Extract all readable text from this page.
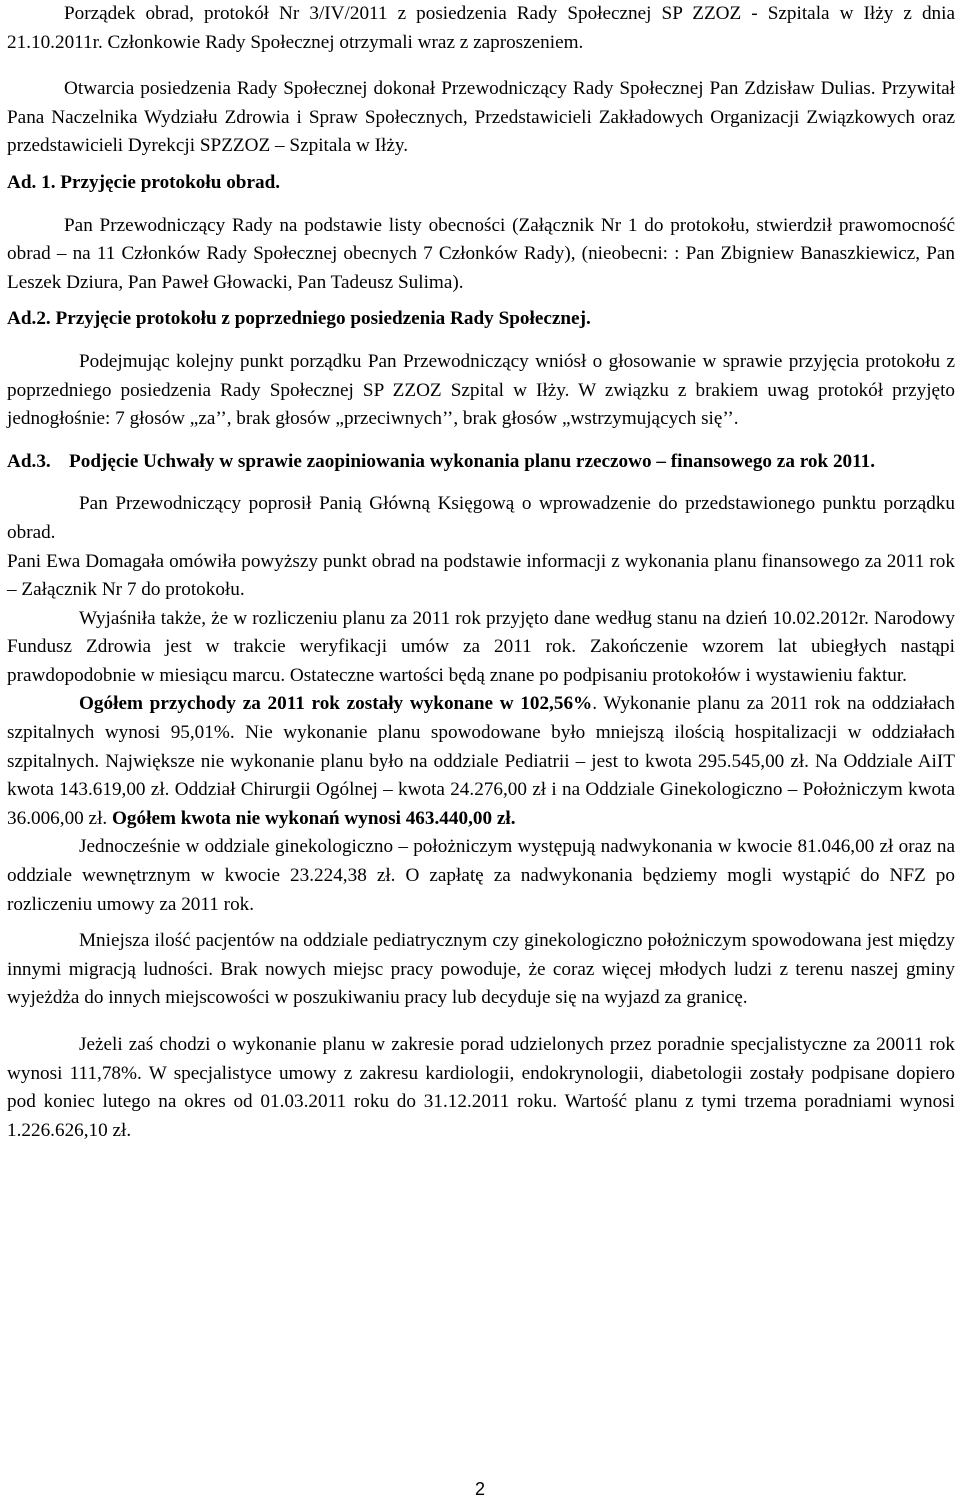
Porządek obrad, protokół Nr 3/IV/2011 z posiedzenia Rady Społecznej SP ZZOZ - Szpitala w Iłży z dnia 21.10.2011r. Członkowie Rady Społecznej otrzymali wraz z zaproszeniem.

Otwarcia posiedzenia Rady Społecznej dokonał Przewodniczący Rady Społecznej Pan Zdzisław Dulias. Przywitał Pana Naczelnika Wydziału Zdrowia i Spraw Społecznych, Przedstawicieli Zakładowych Organizacji Związkowych oraz przedstawicieli Dyrekcji SPZZOZ – Szpitala w Iłży.

Ad. 1. Przyjęcie protokołu obrad.

Pan Przewodniczący Rady na podstawie listy obecności (Załącznik Nr 1 do protokołu, stwierdził prawomocność obrad – na 11 Członków Rady Społecznej obecnych 7 Członków Rady), (nieobecni: : Pan Zbigniew Banaszkiewicz, Pan Leszek Dziura, Pan Paweł Głowacki, Pan Tadeusz Sulima).

Ad.2. Przyjęcie protokołu z poprzedniego posiedzenia Rady Społecznej.

Podejmując kolejny punkt porządku Pan Przewodniczący wniósł o głosowanie w sprawie przyjęcia protokołu z poprzedniego posiedzenia Rady Społecznej SP ZZOZ Szpital w Iłży. W związku z brakiem uwag protokół przyjęto jednogłośnie: 7 głosów „za’’, brak głosów „przeciwnych’’, brak głosów „wstrzymujących się’’.

Ad.3. Podjęcie Uchwały w sprawie zaopiniowania wykonania planu rzeczowo – finansowego za rok 2011.

Pan Przewodniczący poprosił Panią Główną Księgową o wprowadzenie do przedstawionego punktu porządku obrad.

Pani Ewa Domagała omówiła powyższy punkt obrad na podstawie informacji z wykonania planu finansowego za 2011 rok – Załącznik Nr 7 do protokołu.

Wyjaśniła także, że w rozliczeniu planu za 2011 rok przyjęto dane według stanu na dzień 10.02.2012r. Narodowy Fundusz Zdrowia jest w trakcie weryfikacji umów za 2011 rok. Zakończenie wzorem lat ubiegłych nastąpi prawdopodobnie w miesiącu marcu. Ostateczne wartości będą znane po podpisaniu protokołów i wystawieniu faktur.

Ogółem przychody za 2011 rok zostały wykonane w 102,56%. Wykonanie planu za 2011 rok na oddziałach szpitalnych wynosi 95,01%. Nie wykonanie planu spowodowane było mniejszą ilością hospitalizacji w oddziałach szpitalnych. Największe nie wykonanie planu było na oddziale Pediatrii – jest to kwota 295.545,00 zł. Na Oddziale AiIT kwota 143.619,00 zł. Oddział Chirurgii Ogólnej – kwota 24.276,00 zł i na Oddziale Ginekologiczno – Położniczym kwota 36.006,00 zł. Ogółem kwota nie wykonań wynosi 463.440,00 zł.

Jednocześnie w oddziale ginekologiczno – położniczym występują nadwykonania w kwocie 81.046,00 zł oraz na oddziale wewnętrznym w kwocie 23.224,38 zł. O zapłatę za nadwykonania będziemy mogli wystąpić do NFZ po rozliczeniu umowy za 2011 rok.

Mniejsza ilość pacjentów na oddziale pediatrycznym czy ginekologiczno położniczym spowodowana jest między innymi migracją ludności. Brak nowych miejsc pracy powoduje, że coraz więcej młodych ludzi z terenu naszej gminy wyjeżdża do innych miejscowości w poszukiwaniu pracy lub decyduje się na wyjazd za granicę.

Jeżeli zaś chodzi o wykonanie planu w zakresie porad udzielonych przez poradnie specjalistyczne za 20011 rok wynosi 111,78%. W specjalistyce umowy z zakresu kardiologii, endokrynologii, diabetologii zostały podpisane dopiero pod koniec lutego na okres od 01.03.2011 roku do 31.12.2011 roku. Wartość planu z tymi trzema poradniami wynosi 1.226.626,10 zł.

2
